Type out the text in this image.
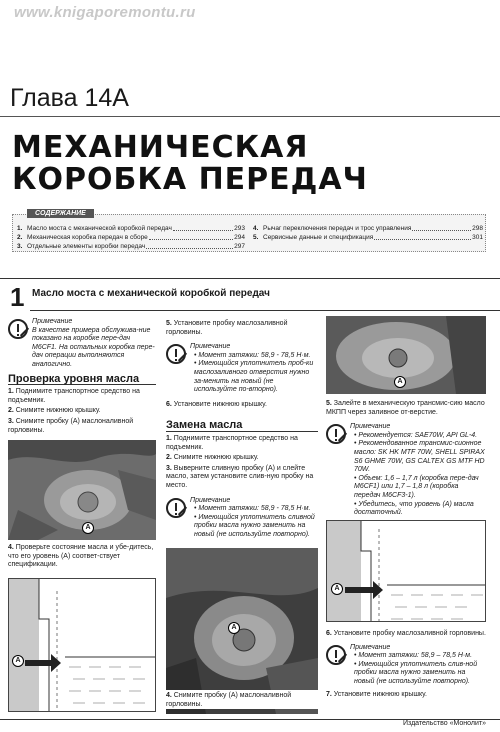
www.knigaporemontu.ru
Глава 14А
МЕХАНИЧЕСКАЯ
КОРОБКА ПЕРЕДАЧ
СОДЕРЖАНИЕ
1. Масло моста с механической коробкой передач	293
2. Механическая коробка передач в сборе	294
3. Отдельные элементы коробки передач	297
4. Рычаг переключения передач и трос управления	298
5. Сервисные данные и спецификация	301
1 Масло моста с механической коробкой передач
Примечание
В качестве примера обслужива-ние показано на коробке пере-дач M6CF1. На остальных коробка пере-дач операции выполняются аналогично.
Проверка уровня масла
1. Поднимите транспортное средство на подъемник.
2. Снимите нижнюю крышку.
3. Снимите пробку (A) маслоналивной горловины.
A
4. Проверьте состояние масла и убе-дитесь, что его уровень (A) соответ-ствует спецификации.
A
5. Установите пробку маслозаливной горловины.
Примечание
• Момент затяжки: 58,9 - 78,5 Н·м.
• Имеющийся уплотнитель проб-ки маслозаливного отверстия нужно за-менить на новый (не используйте по-вторно).
6. Установите нижнюю крышку.
Замена масла
1. Поднимите транспортное средство на подъемник.
2. Снимите нижнюю крышку.
3. Выверните сливную пробку (A) и слейте масло, затем установите слив-ную пробку на место.
Примечание
• Момент затяжки: 58,9 - 78,5 Н·м.
• Имеющийся уплотнитель сливной пробки масла нужно заменить на новый (не используйте повторно).
A
4. Снимите пробку (A) маслоналивной горловины.
A
5. Залейте в механическую трансмис-сию масло МКПП через заливное от-верстие.
Примечание
• Рекомендуется: SAE70W, API GL-4.
• Рекомендованное трансмис-сионное масло: SK HK MTF 70W, SHELL SPIRAX S6 GHME 70W, GS CALTEX GS MTF HD 70W.
• Объем: 1,6 – 1,7 л (коробка пере-дач M6CF1) или 1,7 – 1,8 л (коробка передач M6CF3-1).
• Убедитесь, что уровень (A) масла достаточный.
A
6. Установите пробку маслозаливной горловины.
Примечание
• Момент затяжки: 58,9 – 78,5 Н·м.
• Имеющийся уплотнитель слив-ной пробки масла нужно заменить на новый (не используйте повторно).
7. Установите нижнюю крышку.
Издательство «Монолит»
